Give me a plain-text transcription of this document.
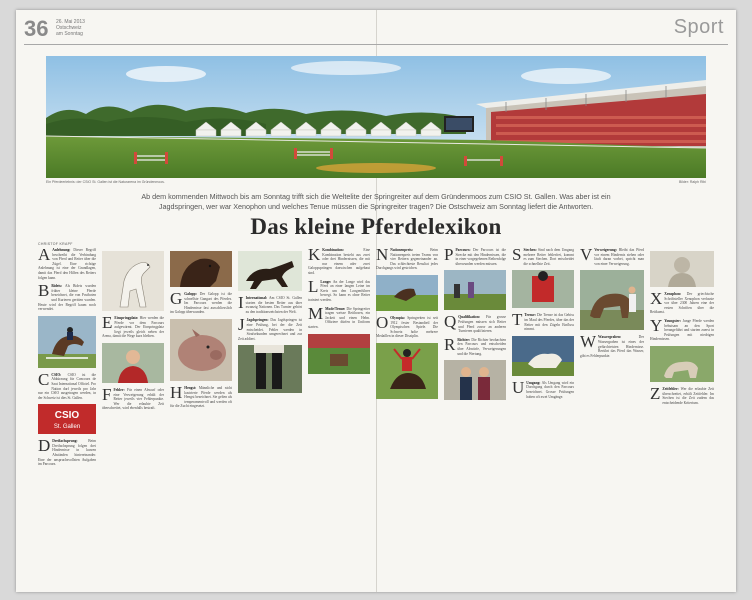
36 26. Mai 2013
Ostschweiz
am Sonntag	Sport
Ein Pferdeerlebnis: der CSIO St. Gallen ist die Naturarena im Gründenmoos.	Bilder: Ralph Ribi
Ab dem kommenden Mittwoch bis am Sonntag trifft sich die Weltelite der Springreiter auf dem Gründenmoos zum CSIO St. Gallen. Was aber ist ein Jagdspringen, wer war Xenophon und welches Tenue müssen die Springreiter tragen? Die Ostschweiz am Sonntag liefert die Antworten.
Das kleine Pferdelexikon
CHRISTOF KRAPF
A Anlehnung: Dieser Begriff beschreibt die Verbindung von Pferd und Reiter über die Zügel. Eine richtige Anlehnung ist eine der Grundlagen, damit das Pferd den Hilfen des Reiters folgen kann.
B Bidets: Als Bidets wurden früher kleine Pferde bezeichnet, die von Postboten und Kurieren geritten wurden. Heute wird der Begriff kaum noch verwendet.
C CSIO: CSIO ist die Abkürzung für Concours de Saut International Officiel. Pro Nation darf jeweils pro Jahr nur ein CSIO ausgetragen werden, in der Schweiz ist dies St. Gallen.
CSIO
St. Gallen
D Dreifachsprung:	Beim Dreifachsprung folgen drei Hindernisse in kurzen Abständen hintereinander. Eine der anspruchsvollsten Aufgaben im Parcours.
E Einspringplatz: Hier werden die Pferde vor dem Parcours aufgewärmt. Der Einspringplatz liegt jeweils gleich neben der Arena, damit die Wege kurz bleiben.
F Fehler: Für einen Abwurf oder eine Verweigerung erhält der Reiter jeweils vier Fehlerpunkte. Wer die erlaubte Zeit überschreitet, wird ebenfalls bestraft.
G Galopp: Der Galopp ist die schnellste Gangart des Pferdes. Im Parcours werden die Hindernisse fast ausschliesslich im Galopp überwunden.
H Hengst: Männliche und nicht kastrierte Pferde werden als Hengst bezeichnet. Sie gelten als temperamentvoll und werden oft für die Zucht eingesetzt.
I International: Am CSIO St. Gallen starten die besten Reiter aus über zwanzig Nationen. Das Turnier gehört zu den traditionsreichsten der Welt.
J Jagdspringen: Das Jagdspringen ist eine Prüfung, bei der die Zeit entscheidet. Fehler werden in Strafsekunden umgerechnet und zur Zeit addiert.
K Kombination:	Eine Kombination besteht aus zwei oder drei Hindernissen, die mit nur einem oder zwei Galoppsprüngen dazwischen aufgebaut sind.
L Longe: An der Longe wird das Pferd an einer langen Leine im Kreis um den Longenführer bewegt. So kann es ohne Reiter trainiert werden.
M Mode/Tenue: Die Springreiter tragen weisse Reithosen, ein Jackett und einen Helm. Offiziere dürfen in Uniform starten.
N Nationenpreis:	Beim Nationenpreis treten Teams von vier Reitern gegeneinander an. Das schlechteste Resultat jedes Durchgangs wird gestrichen.
O Olympia: Springreiten ist seit 1912 fester Bestandteil der Olympischen Spiele. Die Schweiz holte mehrere Medaillen in dieser Disziplin.
P Parcours: Der Parcours ist die Strecke mit den Hindernissen, die in einer vorgegebenen Reihenfolge überwunden werden müssen.
Q Qualifikation: Für grosse Prüfungen müssen sich Reiter und Pferd zuvor an anderen Turnieren qualifizieren.
R Richter: Die Richter beobachten den Parcours und entscheiden über Abwürfe, Verweigerungen und die Wertung.
S Stechen: Sind nach dem Umgang mehrere Reiter fehlerfrei, kommt es zum Stechen. Dort entscheidet die schnellste Zeit.
T Trense: Die Trense ist das Gebiss im Maul des Pferdes, über das der Reiter mit den Zügeln Einfluss nimmt.
U Umgang: Als Umgang wird ein Durchgang durch den Parcours bezeichnet. Grosse Prüfungen haben oft zwei Umgänge.
V Verweigerung: Bleibt das Pferd vor einem Hindernis stehen oder läuft daran vorbei, spricht man von einer Verweigerung.
W Wassergraben:	Der Wassergraben ist eines der gefürchtetsten Hindernisse. Berührt das Pferd das Wasser, gibt es Fehlerpunkte.
X Xenophon: Der griechische Schriftsteller Xenophon verfasste vor über 2300 Jahren eine der ersten Schriften über die Reitkunst.
Y Youngster: Junge Pferde werden behutsam an den Sport herangeführt und starten zuerst in Prüfungen mit niedrigen Hindernissen.
Z Zeitfehler: Wer die erlaubte Zeit überschreitet, erhält Zeitfehler. Im Stechen ist die Zeit zudem das entscheidende Kriterium.
